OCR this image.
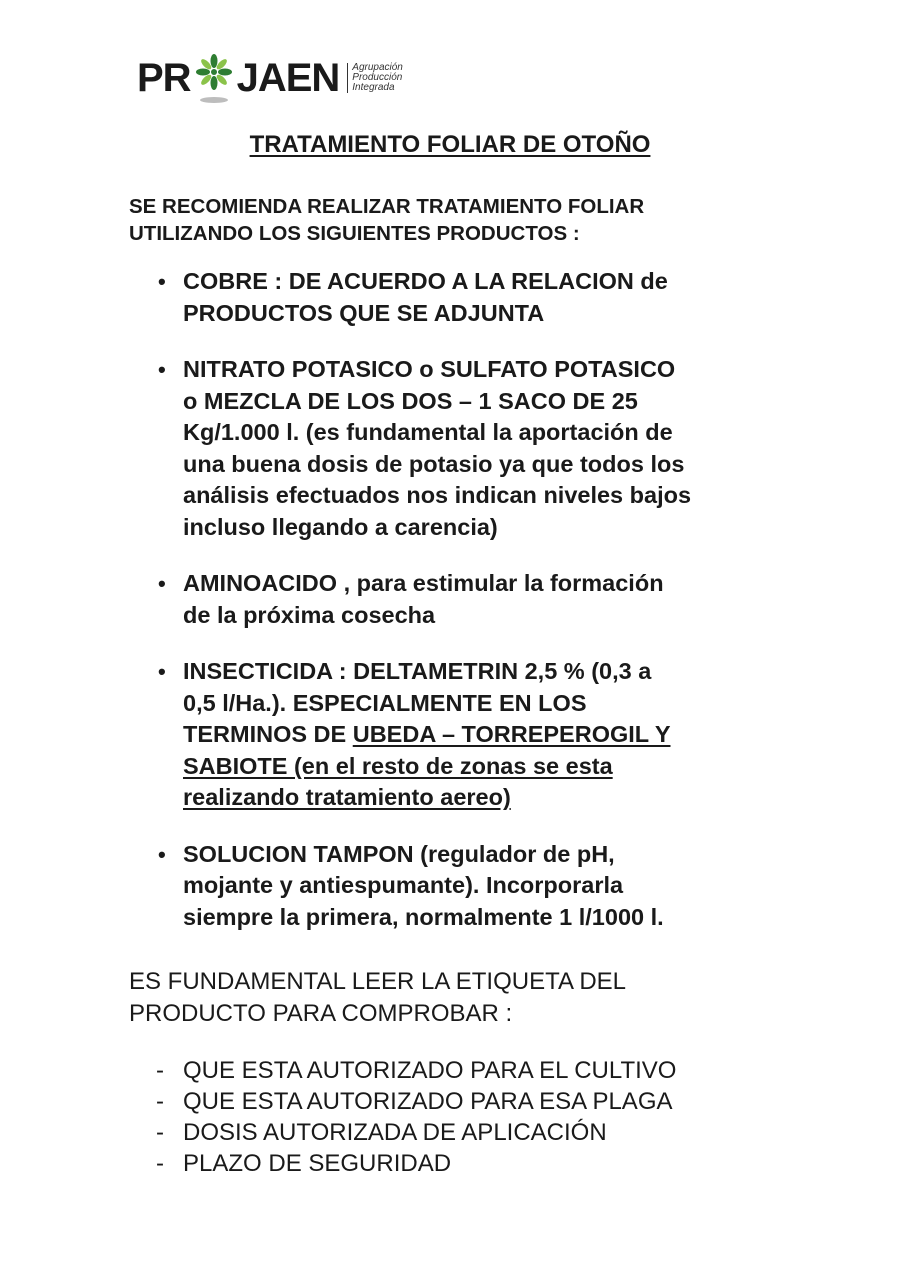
PR JAEN Agrupación
Producción
Integrada
TRATAMIENTO FOLIAR DE OTOÑO
SE RECOMIENDA REALIZAR TRATAMIENTO FOLIAR
UTILIZANDO LOS SIGUIENTES PRODUCTOS :
• COBRE : DE ACUERDO A LA RELACION de
PRODUCTOS QUE SE ADJUNTA
• NITRATO POTASICO o SULFATO POTASICO
o MEZCLA DE LOS DOS – 1 SACO DE 25
Kg/1.000 l. (es fundamental la aportación de
una buena dosis de potasio ya que todos los
análisis efectuados nos indican niveles bajos
incluso llegando a carencia)
• AMINOACIDO , para estimular la formación
de la próxima cosecha
• INSECTICIDA : DELTAMETRIN 2,5 % (0,3 a
0,5 l/Ha.). ESPECIALMENTE EN LOS
TERMINOS DE UBEDA – TORREPEROGIL Y
SABIOTE (en el resto de zonas se esta
realizando tratamiento aereo)
• SOLUCION TAMPON (regulador de pH,
mojante y antiespumante). Incorporarla
siempre la primera, normalmente 1 l/1000 l.
ES FUNDAMENTAL LEER LA ETIQUETA DEL
PRODUCTO PARA COMPROBAR :
- QUE ESTA AUTORIZADO PARA EL CULTIVO
- QUE ESTA AUTORIZADO PARA ESA PLAGA
- DOSIS AUTORIZADA DE APLICACIÓN
- PLAZO DE SEGURIDAD
